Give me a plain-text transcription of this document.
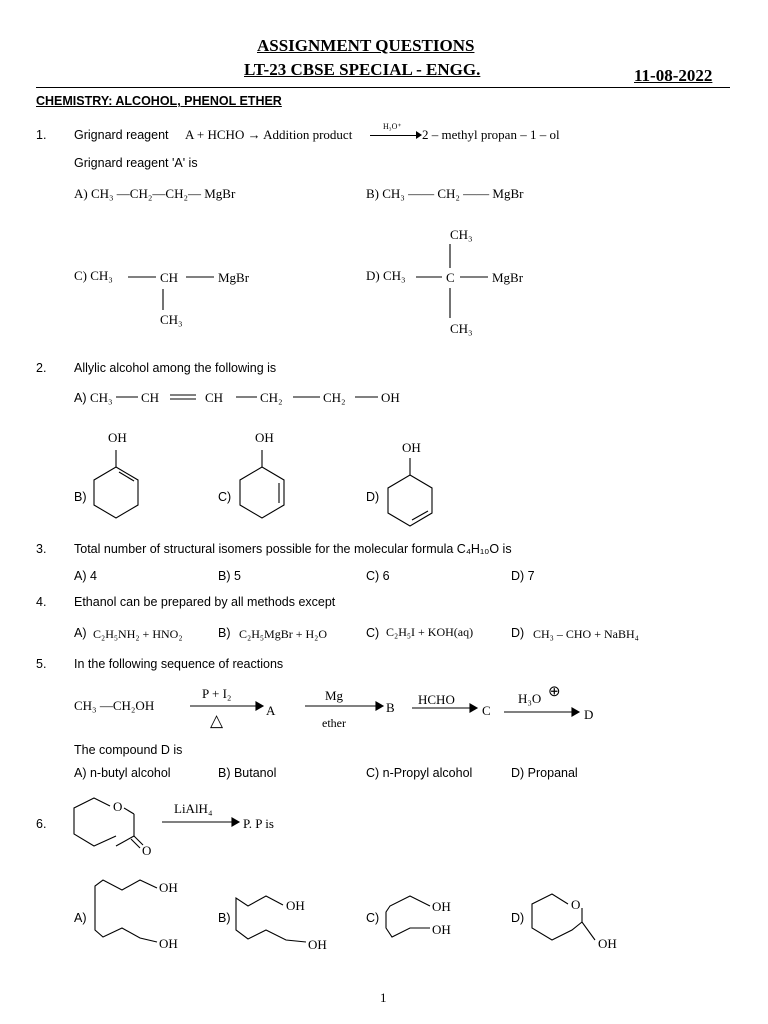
ASSIGNMENT QUESTIONS
LT-23 CBSE SPECIAL - ENGG.	11-08-2022
CHEMISTRY: ALCOHOL, PHENOL ETHER
1. Grignard reagent A + HCHO → Addition product
H₃O⁺
2 – methyl propan – 1 – ol
Grignard reagent 'A' is
A) CH₃ —CH₂—CH₂— MgBr	B) CH₃ —— CH₂ —— MgBr
C) CH₃	CH	MgBr
CH₃
D) CH₃	C	MgBr
CH₃
CH₃
2. Allylic alcohol among the following is
A) CH₃ CH	CH	CH₂	CH₂	OH
B)	C)	D)
OH	OH
OH
3. Total number of structural isomers possible for the molecular formula C₄H₁₀O is
A) 4	B) 5	C) 6	D) 7
4. Ethanol can be prepared by all methods except
A) C₂H₅NH₂ + HNO₂	B) C₂H₅MgBr + H₂O	C) C₂H₅I + KOH(aq)	D) CH₃ – CHO + NaBH₄
5. In the following sequence of reactions
CH₃ —CH₂OH
P + I₂
△
A
Mg
ether
B
HCHO
C
H₃O ⊕
D
The compound D is
A) n-butyl alcohol	B) Butanol	C) n-Propyl alcohol	D) Propanal
6.
O
O
LiAlH₄
P. P is
A)	B)	C)	D)
OH
OH
OH
OH
OH
OH
O
OH
1
